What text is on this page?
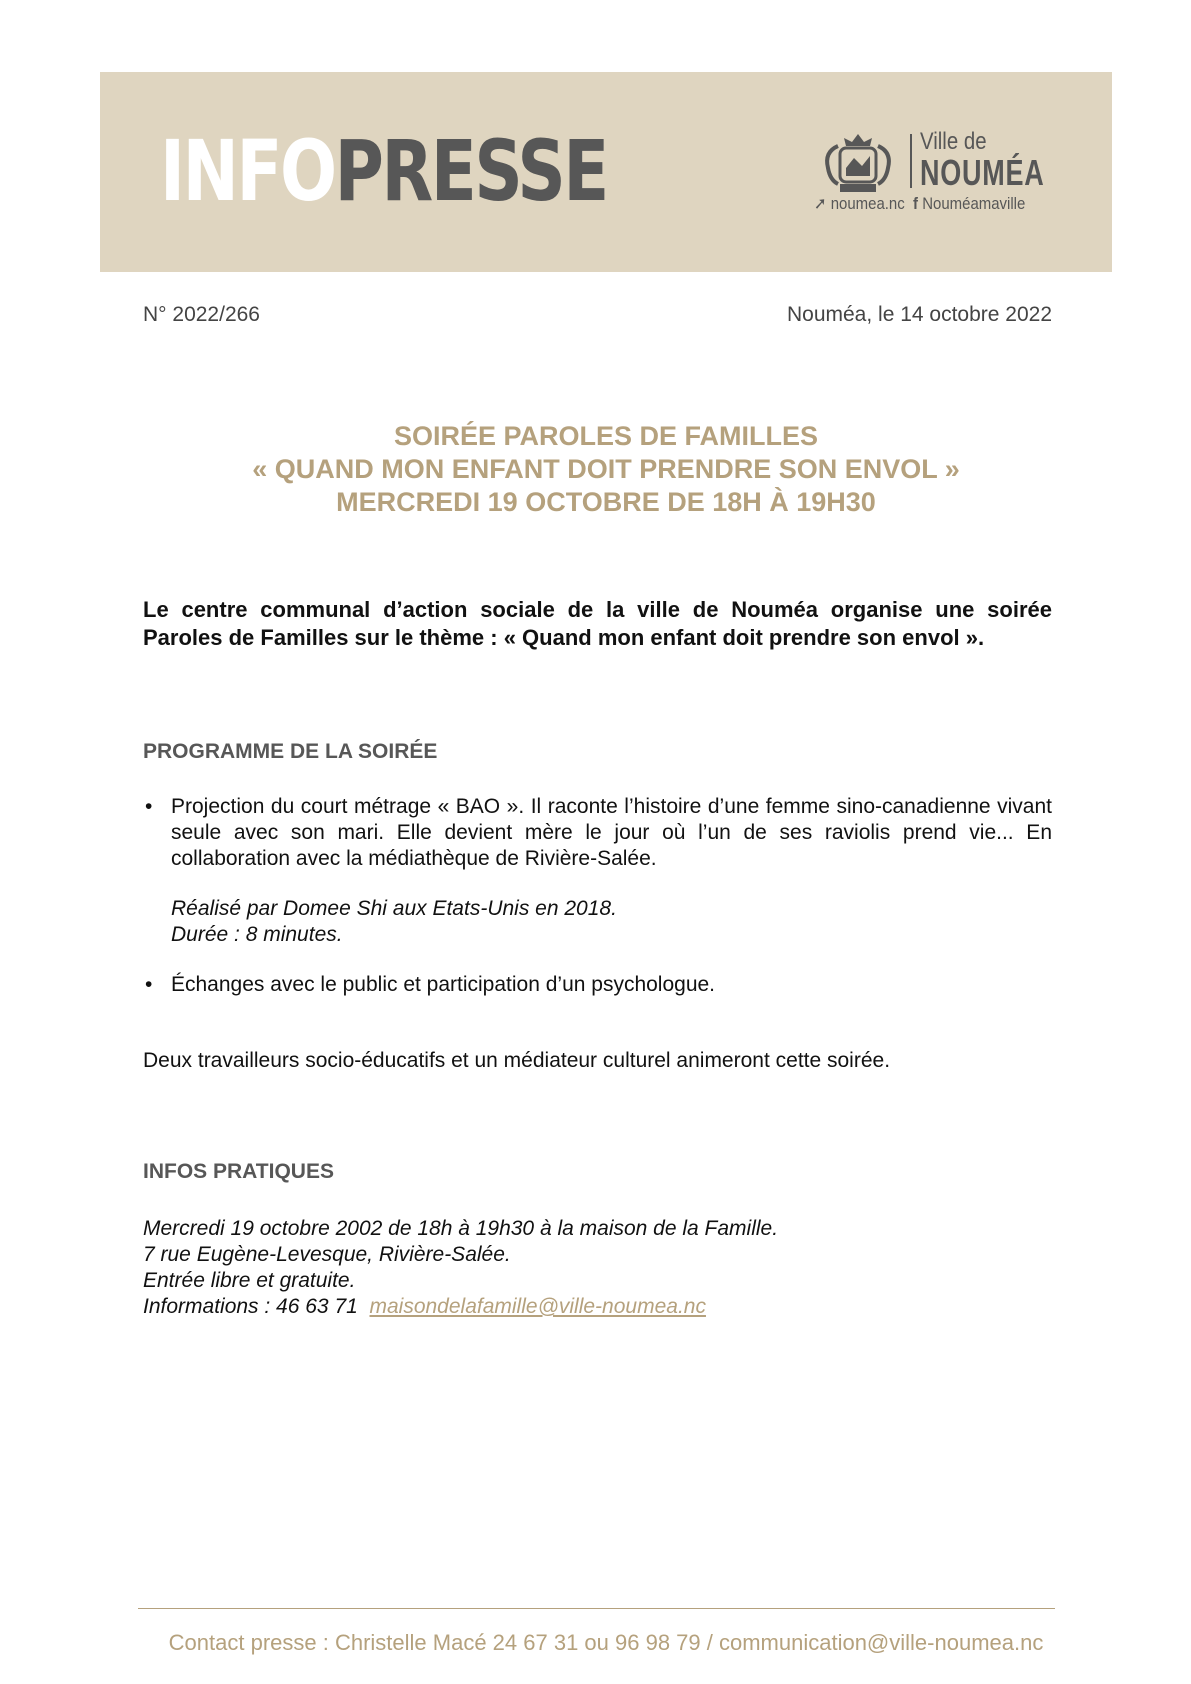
INFOPRESSE	Ville de
NOUMÉA
➚ noumea.nc f Nouméamaville
N° 2022/266	Nouméa, le 14 octobre 2022
SOIRÉE PAROLES DE FAMILLES
« QUAND MON ENFANT DOIT PRENDRE SON ENVOL »
MERCREDI 19 OCTOBRE DE 18H À 19H30
Le centre communal d’action sociale de la ville de Nouméa organise une soirée Paroles de Familles sur le thème : « Quand mon enfant doit prendre son envol ».
PROGRAMME DE LA SOIRÉE
• Projection du court métrage « BAO ». Il raconte l’histoire d’une femme sino-canadienne vivant seule avec son mari. Elle devient mère le jour où l’un de ses raviolis prend vie... En collaboration avec la médiathèque de Rivière-Salée.
Réalisé par Domee Shi aux Etats-Unis en 2018.
Durée : 8 minutes.
• Échanges avec le public et participation d’un psychologue.
Deux travailleurs socio-éducatifs et un médiateur culturel animeront cette soirée.
INFOS PRATIQUES
Mercredi 19 octobre 2002 de 18h à 19h30 à la maison de la Famille.
7 rue Eugène-Levesque, Rivière-Salée.
Entrée libre et gratuite.
Informations : 46 63 71 maisondelafamille@ville-noumea.nc
Contact presse : Christelle Macé 24 67 31 ou 96 98 79 / communication@ville-noumea.nc
